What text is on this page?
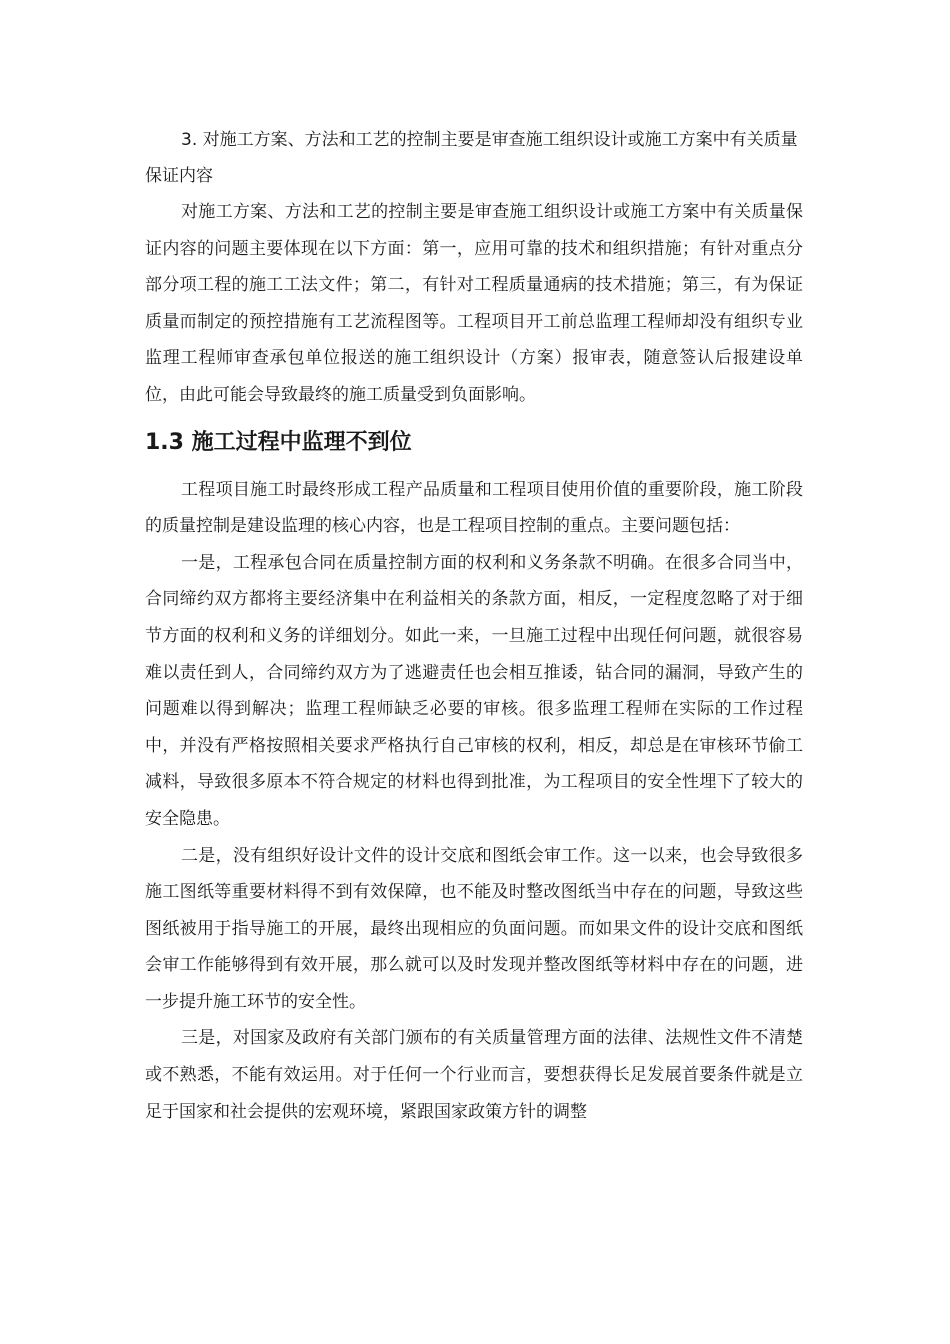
3. 对施工方案、方法和工艺的控制主要是审查施工组织设计或施工方案中有关质量保证内容

对施工方案、方法和工艺的控制主要是审查施工组织设计或施工方案中有关质量保证内容的问题主要体现在以下方面：第一，应用可靠的技术和组织措施；有针对重点分部分项工程的施工工法文件；第二，有针对工程质量通病的技术措施；第三，有为保证质量而制定的预控措施有工艺流程图等。工程项目开工前总监理工程师却没有组织专业监理工程师审查承包单位报送的施工组织设计（方案）报审表，随意签认后报建设单位，由此可能会导致最终的施工质量受到负面影响。

1.3 施工过程中监理不到位

工程项目施工时最终形成工程产品质量和工程项目使用价值的重要阶段，施工阶段的质量控制是建设监理的核心内容，也是工程项目控制的重点。主要问题包括：

一是，工程承包合同在质量控制方面的权利和义务条款不明确。在很多合同当中，合同缔约双方都将主要经济集中在利益相关的条款方面，相反，一定程度忽略了对于细节方面的权利和义务的详细划分。如此一来，一旦施工过程中出现任何问题，就很容易难以责任到人，合同缔约双方为了逃避责任也会相互推诿，钻合同的漏洞，导致产生的问题难以得到解决；监理工程师缺乏必要的审核。很多监理工程师在实际的工作过程中，并没有严格按照相关要求严格执行自己审核的权利，相反，却总是在审核环节偷工减料，导致很多原本不符合规定的材料也得到批准，为工程项目的安全性埋下了较大的安全隐患。

二是，没有组织好设计文件的设计交底和图纸会审工作。这一以来，也会导致很多施工图纸等重要材料得不到有效保障，也不能及时整改图纸当中存在的问题，导致这些图纸被用于指导施工的开展，最终出现相应的负面问题。而如果文件的设计交底和图纸会审工作能够得到有效开展，那么就可以及时发现并整改图纸等材料中存在的问题，进一步提升施工环节的安全性。

三是，对国家及政府有关部门颁布的有关质量管理方面的法律、法规性文件不清楚或不熟悉，不能有效运用。对于任何一个行业而言，要想获得长足发展首要条件就是立足于国家和社会提供的宏观环境，紧跟国家政策方针的调整
